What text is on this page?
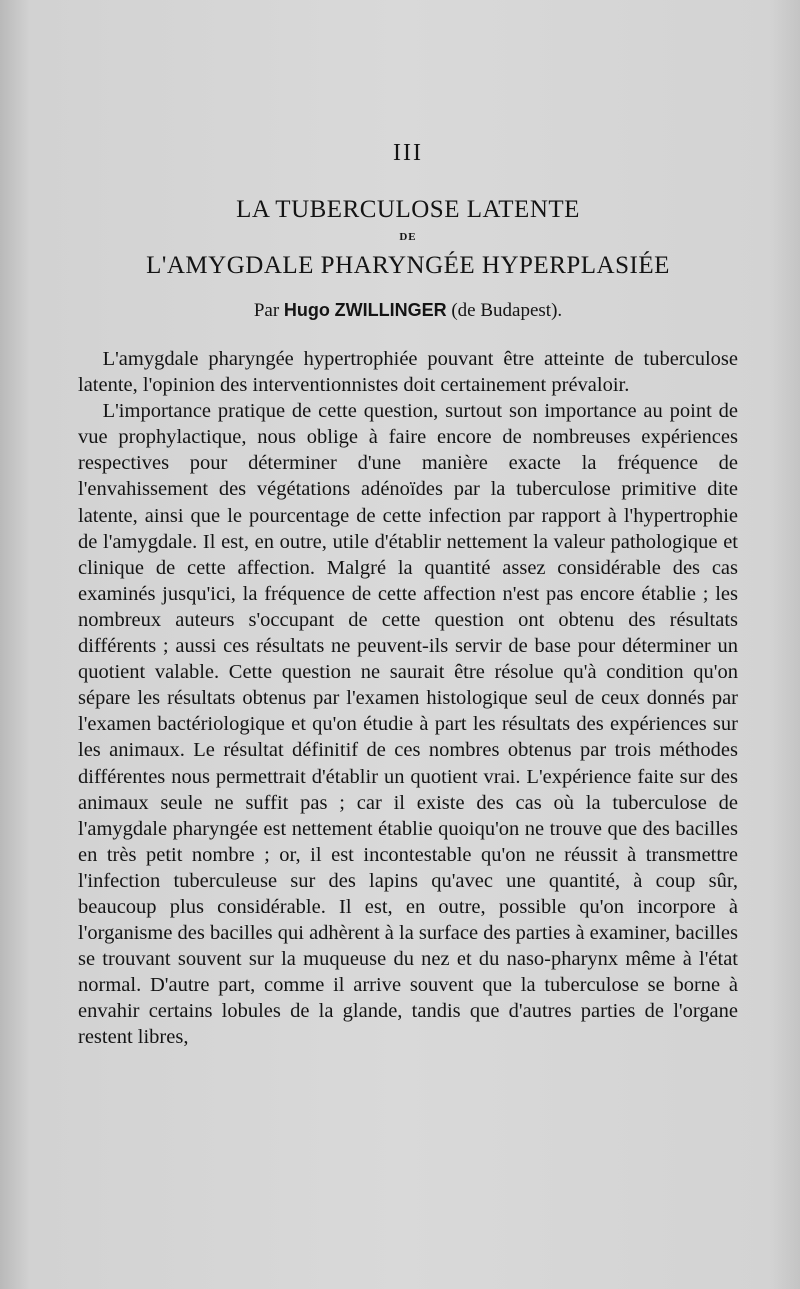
III
LA TUBERCULOSE LATENTE
DE
L'AMYGDALE PHARYNGÉE HYPERPLASIÉE
Par Hugo ZWILLINGER (de Budapest).

L'amygdale pharyngée hypertrophiée pouvant être atteinte de tuberculose latente, l'opinion des interventionnistes doit certainement prévaloir.

L'importance pratique de cette question, surtout son importance au point de vue prophylactique, nous oblige à faire encore de nombreuses expériences respectives pour déterminer d'une manière exacte la fréquence de l'envahissement des végétations adénoïdes par la tuberculose primitive dite latente, ainsi que le pourcentage de cette infection par rapport à l'hypertrophie de l'amygdale. Il est, en outre, utile d'établir nettement la valeur pathologique et clinique de cette affection. Malgré la quantité assez considérable des cas examinés jusqu'ici, la fréquence de cette affection n'est pas encore établie ; les nombreux auteurs s'occupant de cette question ont obtenu des résultats différents ; aussi ces résultats ne peuvent-ils servir de base pour déterminer un quotient valable. Cette question ne saurait être résolue qu'à condition qu'on sépare les résultats obtenus par l'examen histologique seul de ceux donnés par l'examen bactériologique et qu'on étudie à part les résultats des expériences sur les animaux. Le résultat définitif de ces nombres obtenus par trois méthodes différentes nous permettrait d'établir un quotient vrai. L'expérience faite sur des animaux seule ne suffit pas ; car il existe des cas où la tuberculose de l'amygdale pharyngée est nettement établie quoiqu'on ne trouve que des bacilles en très petit nombre ; or, il est incontestable qu'on ne réussit à transmettre l'infection tuberculeuse sur des lapins qu'avec une quantité, à coup sûr, beaucoup plus considérable. Il est, en outre, possible qu'on incorpore à l'organisme des bacilles qui adhèrent à la surface des parties à examiner, bacilles se trouvant souvent sur la muqueuse du nez et du naso-pharynx même à l'état normal. D'autre part, comme il arrive souvent que la tuberculose se borne à envahir certains lobules de la glande, tandis que d'autres parties de l'organe restent libres,
